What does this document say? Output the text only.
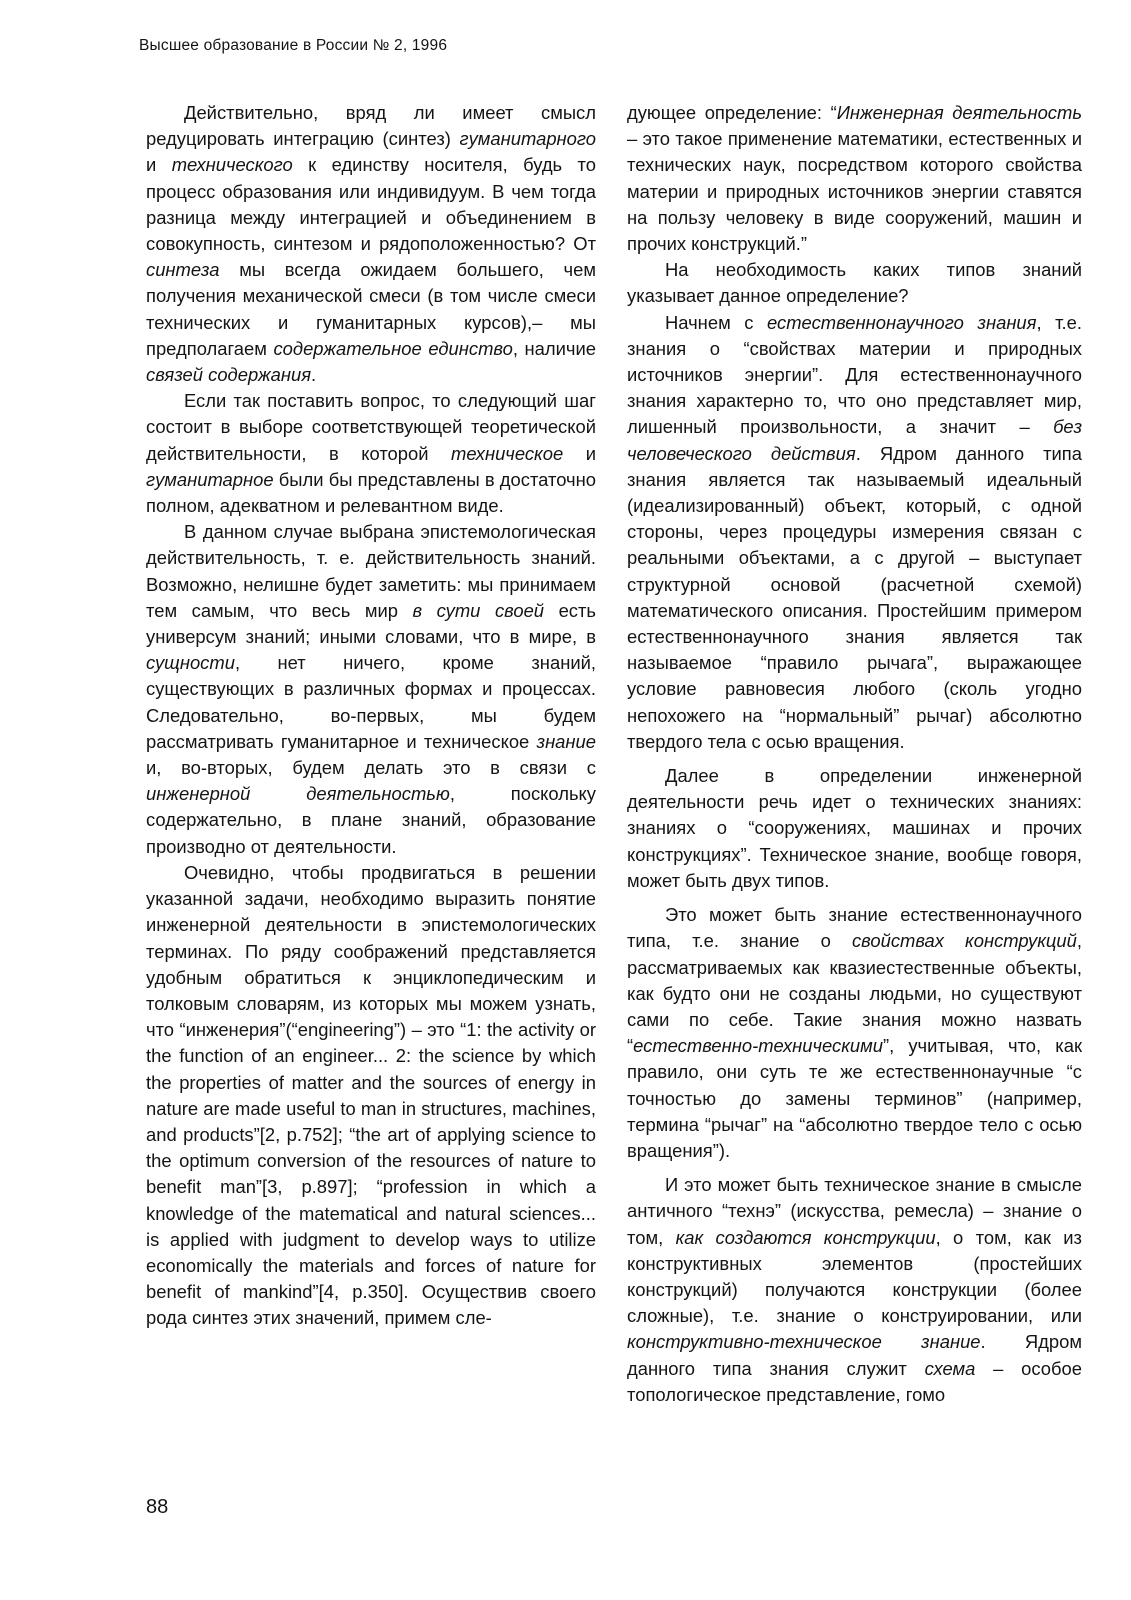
Высшее образование в России № 2, 1996

Действительно, вряд ли имеет смысл редуцировать интеграцию (синтез) гуманитарного и технического к единству носителя, будь то процесс образования или индивидуум. В чем тогда разница между интеграцией и объединением в совокупность, синтезом и рядоположенностью? От синтеза мы всегда ожидаем большего, чем получения механической смеси (в том числе смеси технических и гуманитарных курсов),– мы предполагаем содержательное единство, наличие связей содержания.

Если так поставить вопрос, то следующий шаг состоит в выборе соответствующей теоретической действительности, в которой техническое и гуманитарное были бы представлены в достаточно полном, адекватном и релевантном виде.

В данном случае выбрана эпистемологическая действительность, т. е. действительность знаний. Возможно, нелишне будет заметить: мы принимаем тем самым, что весь мир в сути своей есть универсум знаний; иными словами, что в мире, в сущности, нет ничего, кроме знаний, существующих в различных формах и процессах. Следовательно, во-первых, мы будем рассматривать гуманитарное и техническое знание и, во-вторых, будем делать это в связи с инженерной деятельностью, поскольку содержательно, в плане знаний, образование производно от деятельности.

Очевидно, чтобы продвигаться в решении указанной задачи, необходимо выразить понятие инженерной деятельности в эпистемологических терминах. По ряду соображений представляется удобным обратиться к энциклопедическим и толковым словарям, из которых мы можем узнать, что “инженерия”(“engineering”) – это “1: the activity or the function of an engineer... 2: the science by which the properties of matter and the sources of energy in nature are made useful to man in structures, machines, and products”[2, p.752]; “the art of applying science to the optimum conversion of the resources of nature to benefit man”[3, p.897]; “profession in which a knowledge of the matematical and natural sciences... is applied with judgment to develop ways to utilize economically the materials and forces of nature for benefit of mankind”[4, p.350]. Осуществив своего рода синтез этих значений, примем сле-

дующее определение: “Инженерная деятельность – это такое применение математики, естественных и технических наук, посредством которого свойства материи и природных источников энергии ставятся на пользу человеку в виде сооружений, машин и прочих конструкций.”

На необходимость каких типов знаний указывает данное определение?

Начнем с естественнонаучного знания, т.е. знания о “свойствах материи и природных источников энергии”. Для естественнонаучного знания характерно то, что оно представляет мир, лишенный произвольности, а значит – без человеческого действия. Ядром данного типа знания является так называемый идеальный (идеализированный) объект, который, с одной стороны, через процедуры измерения связан с реальными объектами, а с другой – выступает структурной основой (расчетной схемой) математического описания. Простейшим примером естественнонаучного знания является так называемое “правило рычага”, выражающее условие равновесия любого (сколь угодно непохожего на “нормальный” рычаг) абсолютно твердого тела с осью вращения.

Далее в определении инженерной деятельности речь идет о технических знаниях: знаниях о “сооружениях, машинах и прочих конструкциях”. Техническое знание, вообще говоря, может быть двух типов.

Это может быть знание естественнонаучного типа, т.е. знание о свойствах конструкций, рассматриваемых как квазиестественные объекты, как будто они не созданы людьми, но существуют сами по себе. Такие знания можно назвать “естественно-техническими”, учитывая, что, как правило, они суть те же естественнонаучные “с точностью до замены терминов” (например, термина “рычаг” на “абсолютно твердое тело с осью вращения”).

И это может быть техническое знание в смысле античного “технэ” (искусства, ремесла) – знание о том, как создаются конструкции, о том, как из конструктивных элементов (простейших конструкций) получаются конструкции (более сложные), т.е. знание о конструировании, или конструктивно-техническое знание. Ядром данного типа знания служит схема – особое топологическое представление, гомо

88
